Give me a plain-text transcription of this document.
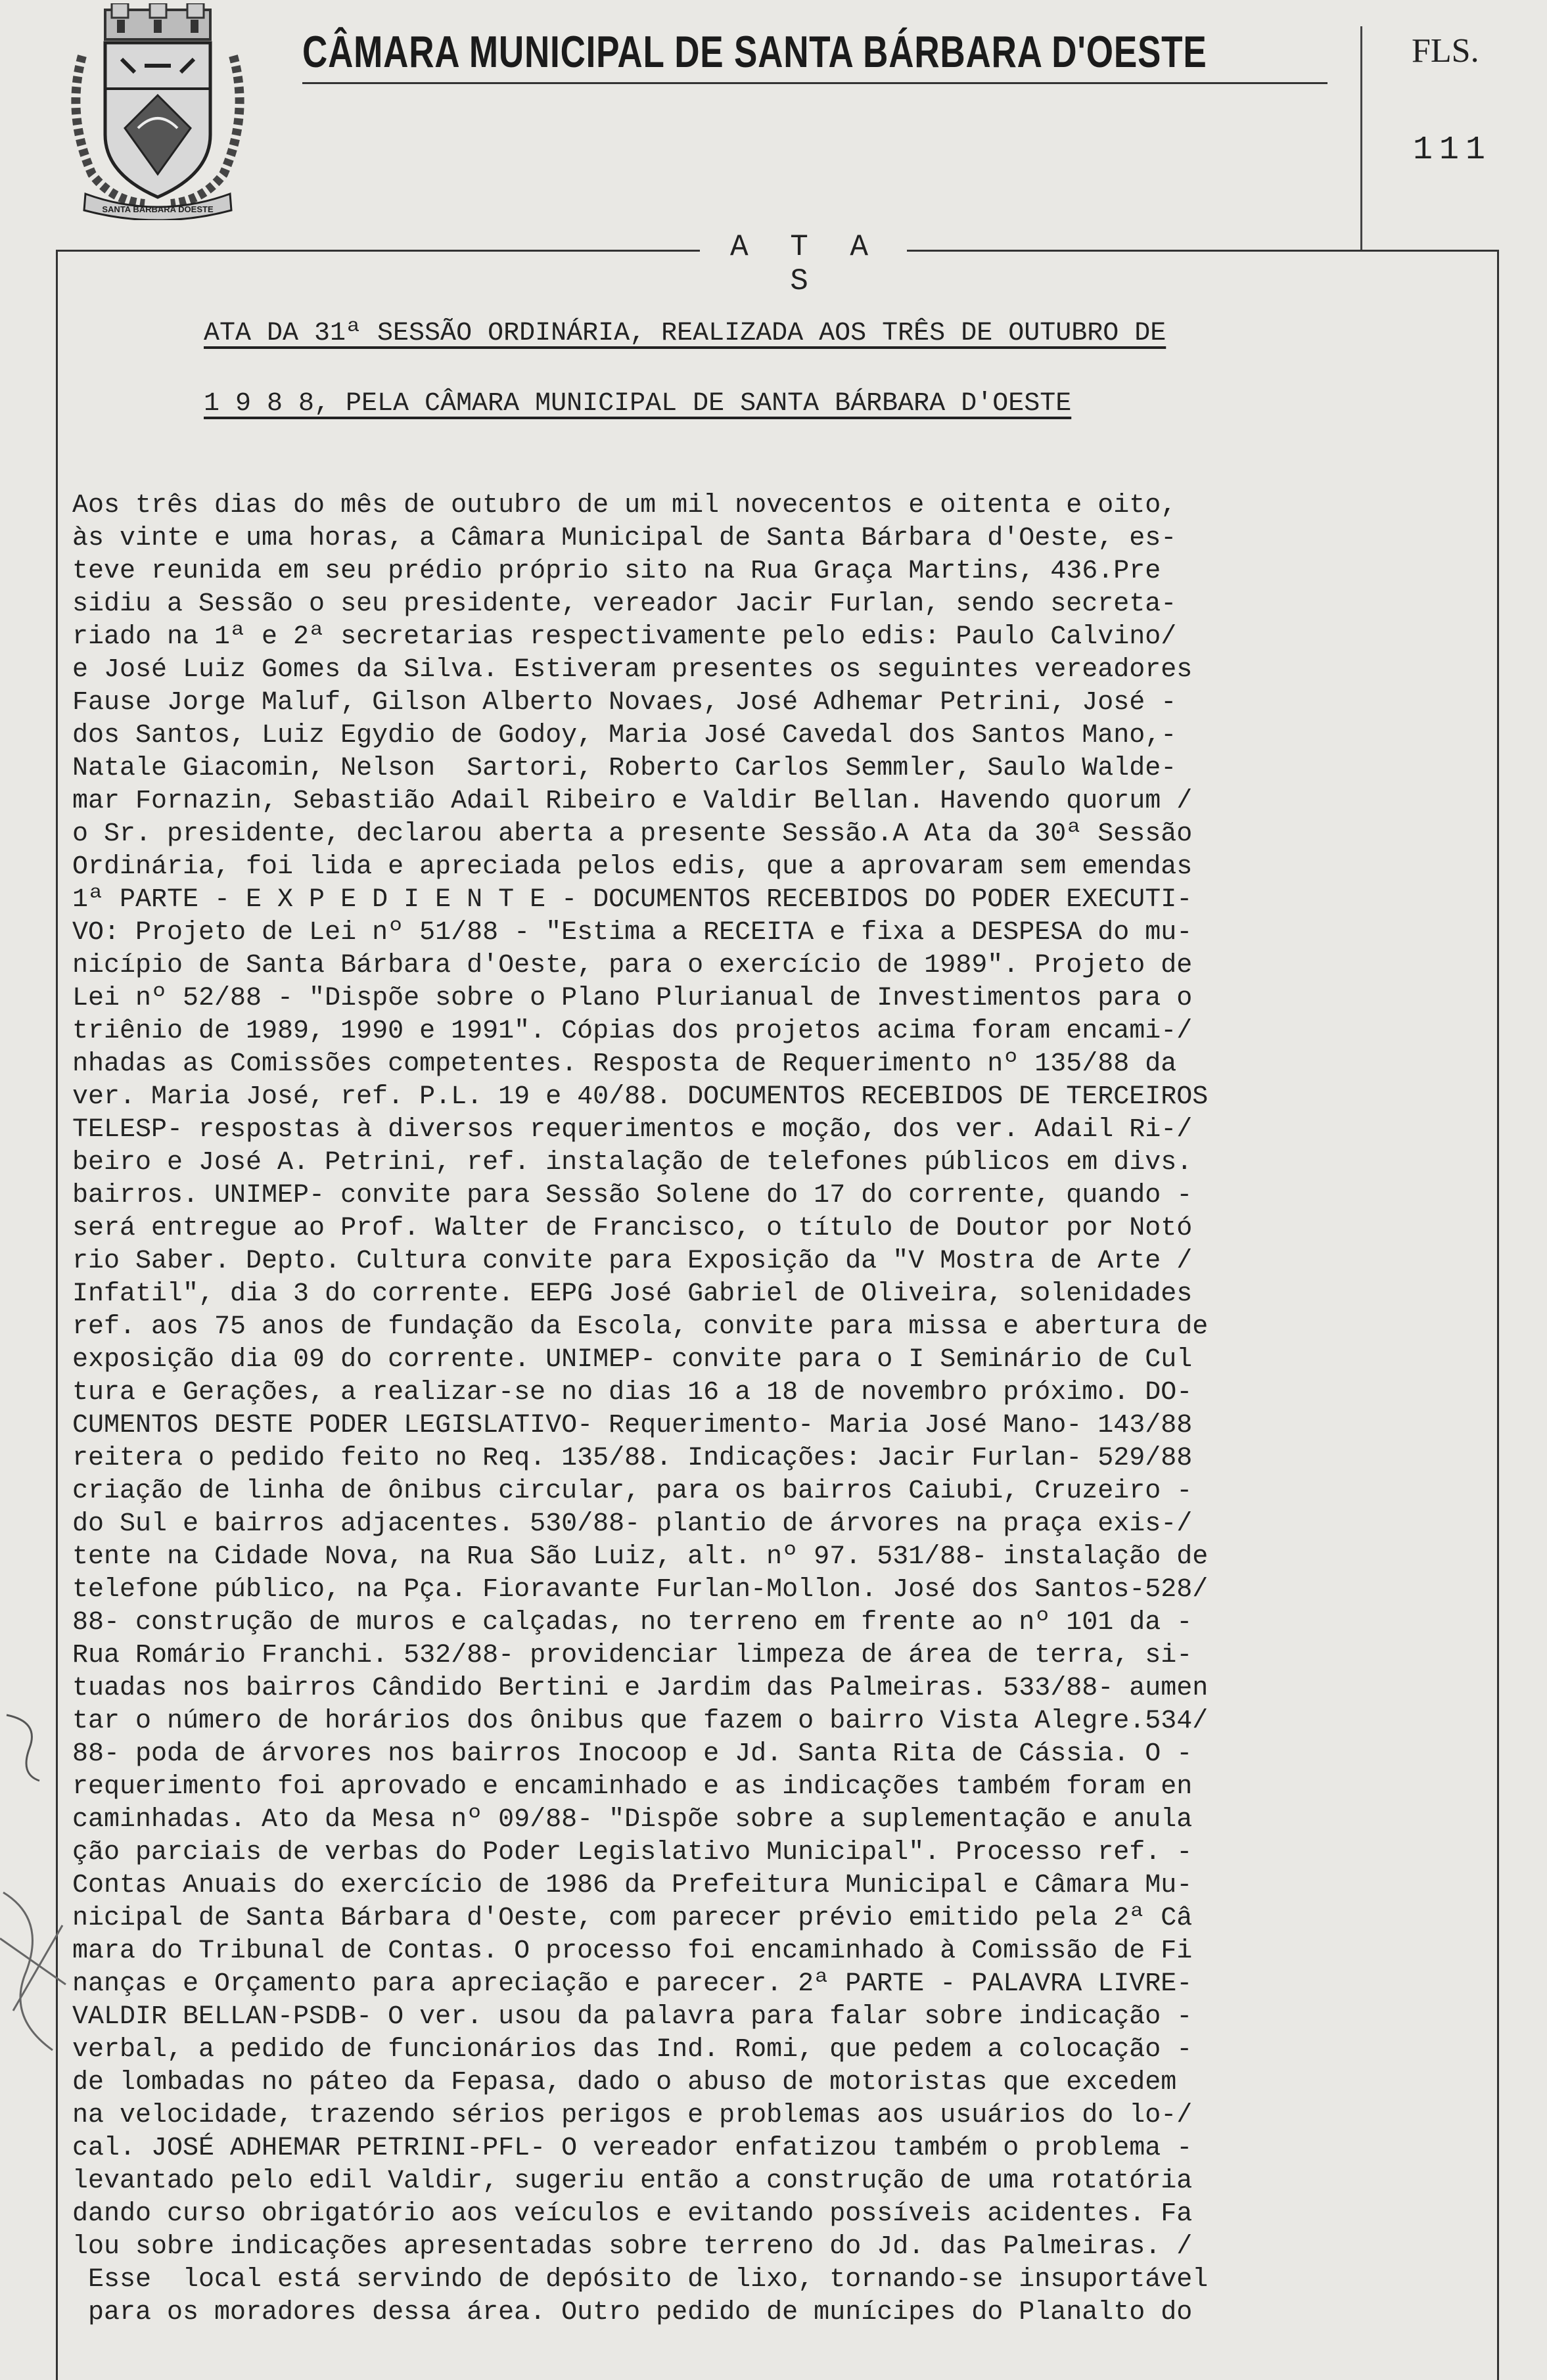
SANTA BARBARA DOESTE
CÂMARA MUNICIPAL DE SANTA BÁRBARA D'OESTE	FLS.
111
A T A S
ATA DA 31ª SESSÃO ORDINÁRIA, REALIZADA AOS TRÊS DE OUTUBRO DE
1 9 8 8, PELA CÂMARA MUNICIPAL DE SANTA BÁRBARA D'OESTE
Aos três dias do mês de outubro de um mil novecentos e oitenta e oito,
às vinte e uma horas, a Câmara Municipal de Santa Bárbara d'Oeste, es-
teve reunida em seu prédio próprio sito na Rua Graça Martins, 436.Pre
sidiu a Sessão o seu presidente, vereador Jacir Furlan, sendo secreta-
riado na 1ª e 2ª secretarias respectivamente pelo edis: Paulo Calvino/
e José Luiz Gomes da Silva. Estiveram presentes os seguintes vereadores
Fause Jorge Maluf, Gilson Alberto Novaes, José Adhemar Petrini, José -
dos Santos, Luiz Egydio de Godoy, Maria José Cavedal dos Santos Mano,-
Natale Giacomin, Nelson  Sartori, Roberto Carlos Semmler, Saulo Walde-
mar Fornazin, Sebastião Adail Ribeiro e Valdir Bellan. Havendo quorum /
o Sr. presidente, declarou aberta a presente Sessão.A Ata da 30ª Sessão
Ordinária, foi lida e apreciada pelos edis, que a aprovaram sem emendas
1ª PARTE - E X P E D I E N T E - DOCUMENTOS RECEBIDOS DO PODER EXECUTI-
VO: Projeto de Lei nº 51/88 - "Estima a RECEITA e fixa a DESPESA do mu-
nicípio de Santa Bárbara d'Oeste, para o exercício de 1989". Projeto de
Lei nº 52/88 - "Dispõe sobre o Plano Plurianual de Investimentos para o
triênio de 1989, 1990 e 1991". Cópias dos projetos acima foram encami-/
nhadas as Comissões competentes. Resposta de Requerimento nº 135/88 da
ver. Maria José, ref. P.L. 19 e 40/88. DOCUMENTOS RECEBIDOS DE TERCEIROS
TELESP- respostas à diversos requerimentos e moção, dos ver. Adail Ri-/
beiro e José A. Petrini, ref. instalação de telefones públicos em divs.
bairros. UNIMEP- convite para Sessão Solene do 17 do corrente, quando -
será entregue ao Prof. Walter de Francisco, o título de Doutor por Notó
rio Saber. Depto. Cultura convite para Exposição da "V Mostra de Arte /
Infatil", dia 3 do corrente. EEPG José Gabriel de Oliveira, solenidades
ref. aos 75 anos de fundação da Escola, convite para missa e abertura de
exposição dia 09 do corrente. UNIMEP- convite para o I Seminário de Cul
tura e Gerações, a realizar-se no dias 16 a 18 de novembro próximo. DO-
CUMENTOS DESTE PODER LEGISLATIVO- Requerimento- Maria José Mano- 143/88
reitera o pedido feito no Req. 135/88. Indicações: Jacir Furlan- 529/88
criação de linha de ônibus circular, para os bairros Caiubi, Cruzeiro -
do Sul e bairros adjacentes. 530/88- plantio de árvores na praça exis-/
tente na Cidade Nova, na Rua São Luiz, alt. nº 97. 531/88- instalação de
telefone público, na Pça. Fioravante Furlan-Mollon. José dos Santos-528/
88- construção de muros e calçadas, no terreno em frente ao nº 101 da -
Rua Romário Franchi. 532/88- providenciar limpeza de área de terra, si-
tuadas nos bairros Cândido Bertini e Jardim das Palmeiras. 533/88- aumen
tar o número de horários dos ônibus que fazem o bairro Vista Alegre.534/
88- poda de árvores nos bairros Inocoop e Jd. Santa Rita de Cássia. O -
requerimento foi aprovado e encaminhado e as indicações também foram en
caminhadas. Ato da Mesa nº 09/88- "Dispõe sobre a suplementação e anula
ção parciais de verbas do Poder Legislativo Municipal". Processo ref. -
Contas Anuais do exercício de 1986 da Prefeitura Municipal e Câmara Mu-
nicipal de Santa Bárbara d'Oeste, com parecer prévio emitido pela 2ª Câ
mara do Tribunal de Contas. O processo foi encaminhado à Comissão de Fi
nanças e Orçamento para apreciação e parecer. 2ª PARTE - PALAVRA LIVRE-
VALDIR BELLAN-PSDB- O ver. usou da palavra para falar sobre indicação -
verbal, a pedido de funcionários das Ind. Romi, que pedem a colocação -
de lombadas no páteo da Fepasa, dado o abuso de motoristas que excedem
na velocidade, trazendo sérios perigos e problemas aos usuários do lo-/
cal. JOSÉ ADHEMAR PETRINI-PFL- O vereador enfatizou também o problema -
levantado pelo edil Valdir, sugeriu então a construção de uma rotatória
dando curso obrigatório aos veículos e evitando possíveis acidentes. Fa
lou sobre indicações apresentadas sobre terreno do Jd. das Palmeiras. /
Esse  local está servindo de depósito de lixo, tornando-se insuportável
para os moradores dessa área. Outro pedido de munícipes do Planalto do
